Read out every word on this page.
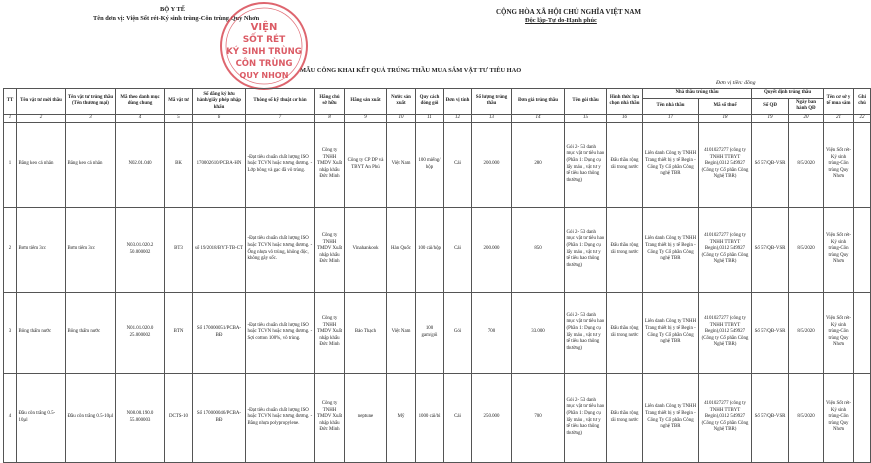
BỘ Y TẾ
Tên đơn vị: Viện Sốt rét-Ký sinh trùng-Côn trùng Quy Nhơn
CỘNG HÒA XÃ HỘI CHỦ NGHĨA VIỆT NAM
Độc lập-Tự do-Hạnh phúc
MẪU CÔNG KHAI KẾT QUẢ TRÚNG THẦU MUA SẮM VẬT TƯ TIÊU HAO
Đơn vị tiền: đồng
VIỆN
SỐT RÉT
KÝ SINH TRÙNG
CÔN TRÙNG
QUY NHƠN
TT	Tên vật tư mời thầu	Tên vật tư trúng thầu (Tên thương mại)	Mã theo danh mục dùng chung	Mã vật tư	Số đăng ký lưu hành/giấy phép nhập khẩu	Thông số kỹ thuật cơ bản	Hãng chủ sở hữu	Hãng sản xuất	Nước sản xuất	Quy cách đóng gói	Đơn vị tính	Số lượng trúng thầu	Đơn giá trúng thầu	Tên gói thầu	Hình thức lựa chọn nhà thầu	Nhà thầu trúng thầu		Quyết định trúng thầu		Tên cơ sở y tế mua sắm	Ghi chú
																Tên nhà thầu	Mã số thuế	Số QĐ	Ngày ban hành QĐ		
1	2	3	4	5	6	7	8	9	10	11	12	13	14	15	16	17	18	19	20	21	22
1	Băng keo cá nhân	Băng keo cá nhân	N02.01.040	BK	170002610/PCBA-HN	-Đạt tiêu chuẩn chất lượng ISO hoặc TCVN hoặc tương đương. - Lớp bông và gạc đã vô trùng.	Công ty TNHH TMDV Xuất nhập khẩu Đức Minh	Công ty CP DP và TBYT An Phú	Việt Nam	100 miếng/ hộp	Cái	200.000	280	Gói 2- 53 danh mục vật tư tiêu hao (Phần 1: Dụng cụ lấy máu , vật tư y tế tiêu hao thông thường)	Đấu thầu rộng rãi trong nước	Liên danh Công ty TNHH Trang thiết bị y tế Begin - Công Ty Cổ phần Công nghệ TBR	4101027277 (công ty TNHH TTBYT Begin),0312 549927 (Công ty Cổ phần Công Nghệ TBR)	Số 57/QĐ-VSR	8/5/2020	Viện Sốt rét-Ký sinh trùng-Côn trùng Quy Nhơn	
2	Bơm tiêm 3cc	Bơm tiêm 3cc	N03.01.020.2 50.000002	BT3	số 19/2018/BYT-TB-CT	-Đạt tiêu chuẩn chất lượng ISO hoặc TCVN hoặc tương đương. - Ống nhựa vô trùng, không độc, không gây sốc.	Công ty TNHH TMDV Xuất nhập khẩu Đức Minh	Vinahankook	Hàn Quốc	100 cái/hộp	Cái	200.000	850	Gói 2- 53 danh mục vật tư tiêu hao (Phần 1: Dụng cụ lấy máu , vật tư y tế tiêu hao thông thường)	Đấu thầu rộng rãi trong nước	Liên danh Công ty TNHH Trang thiết bị y tế Begin - Công Ty Cổ phần Công nghệ TBR	4101027277 (công ty TNHH TTBYT Begin),0312 549927 (Công ty Cổ phần Công Nghệ TBR)	Số 57/QĐ-VSR	8/5/2020	Viện Sốt rét-Ký sinh trùng-Côn trùng Quy Nhơn	
3	Bông thấm nước	Bông thấm nước	N01.01.020.0 25.000002	BTN	Số 170000051/PCBA-BĐ	-Đạt tiêu chuẩn chất lượng ISO hoặc TCVN hoặc tương đương. - Sợi cotton 100%, vô trùng.	Công ty TNHH TMDV Xuất nhập khẩu Đức Minh	Bảo Thạch	Việt Nam	100 gam/gói	Gói	700	33.000	Gói 2- 53 danh mục vật tư tiêu hao (Phần 1: Dụng cụ lấy máu , vật tư y tế tiêu hao thông thường)	Đấu thầu rộng rãi trong nước	Liên danh Công ty TNHH Trang thiết bị y tế Begin - Công Ty Cổ phần Công nghệ TBR	4101027277 (công ty TNHH TTBYT Begin),0312 549927 (Công ty Cổ phần Công Nghệ TBR)	Số 57/QĐ-VSR	8/5/2020	Viện Sốt rét-Ký sinh trùng-Côn trùng Quy Nhơn	
4	Đầu côn trắng 0.5-10µl	Đầu côn trắng 0.5-10µl	N08.00.190.0 55.000003	DCTS-10	Số 170000046/PCBA-BĐ	-Đạt tiêu chuẩn chất lượng ISO hoặc TCVN hoặc tương đương. - Bằng nhựa polypropylene.	Công ty TNHH TMDV Xuất nhập khẩu Đức Minh	neptune	Mỹ	1000 cái/bì	Cái	250.000	700	Gói 2- 53 danh mục vật tư tiêu hao (Phần 1: Dụng cụ lấy máu , vật tư y tế tiêu hao thông thường)	Đấu thầu rộng rãi trong nước	Liên danh Công ty TNHH Trang thiết bị y tế Begin - Công Ty Cổ phần Công nghệ TBR	4101027277 (công ty TNHH TTBYT Begin),0312 549927 (Công ty Cổ phần Công Nghệ TBR)	Số 57/QĐ-VSR	8/5/2020	Viện Sốt rét-Ký sinh trùng-Côn trùng Quy Nhơn	
